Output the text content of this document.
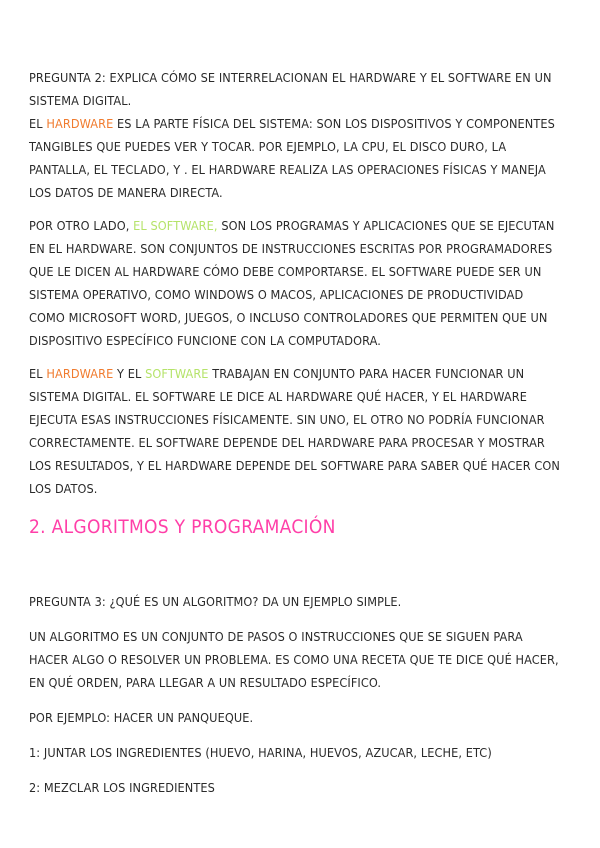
PREGUNTA 2: EXPLICA CÓMO SE INTERRELACIONAN EL HARDWARE Y EL SOFTWARE EN UN SISTEMA DIGITAL.

EL HARDWARE ES LA PARTE FÍSICA DEL SISTEMA: SON LOS DISPOSITIVOS Y COMPONENTES TANGIBLES QUE PUEDES VER Y TOCAR. POR EJEMPLO, LA CPU, EL DISCO DURO, LA PANTALLA, EL TECLADO, Y . EL HARDWARE REALIZA LAS OPERACIONES FÍSICAS Y MANEJA LOS DATOS DE MANERA DIRECTA.

POR OTRO LADO, EL SOFTWARE, SON LOS PROGRAMAS Y APLICACIONES QUE SE EJECUTAN EN EL HARDWARE. SON CONJUNTOS DE INSTRUCCIONES ESCRITAS POR PROGRAMADORES QUE LE DICEN AL HARDWARE CÓMO DEBE COMPORTARSE. EL SOFTWARE PUEDE SER UN SISTEMA OPERATIVO, COMO WINDOWS O MACOS, APLICACIONES DE PRODUCTIVIDAD COMO MICROSOFT WORD, JUEGOS, O INCLUSO CONTROLADORES QUE PERMITEN QUE UN DISPOSITIVO ESPECÍFICO FUNCIONE CON LA COMPUTADORA.

EL HARDWARE Y EL SOFTWARE TRABAJAN EN CONJUNTO PARA HACER FUNCIONAR UN SISTEMA DIGITAL. EL SOFTWARE LE DICE AL HARDWARE QUÉ HACER, Y EL HARDWARE EJECUTA ESAS INSTRUCCIONES FÍSICAMENTE. SIN UNO, EL OTRO NO PODRÍA FUNCIONAR CORRECTAMENTE. EL SOFTWARE DEPENDE DEL HARDWARE PARA PROCESAR Y MOSTRAR LOS RESULTADOS, Y EL HARDWARE DEPENDE DEL SOFTWARE PARA SABER QUÉ HACER CON LOS DATOS.

2. ALGORITMOS Y PROGRAMACIÓN

PREGUNTA 3: ¿QUÉ ES UN ALGORITMO? DA UN EJEMPLO SIMPLE.

UN ALGORITMO ES UN CONJUNTO DE PASOS O INSTRUCCIONES QUE SE SIGUEN PARA HACER ALGO O RESOLVER UN PROBLEMA. ES COMO UNA RECETA QUE TE DICE QUÉ HACER, EN QUÉ ORDEN, PARA LLEGAR A UN RESULTADO ESPECÍFICO.

POR EJEMPLO: HACER UN PANQUEQUE.

1: JUNTAR LOS INGREDIENTES (HUEVO, HARINA, HUEVOS, AZUCAR, LECHE, ETC)

2: MEZCLAR LOS INGREDIENTES
